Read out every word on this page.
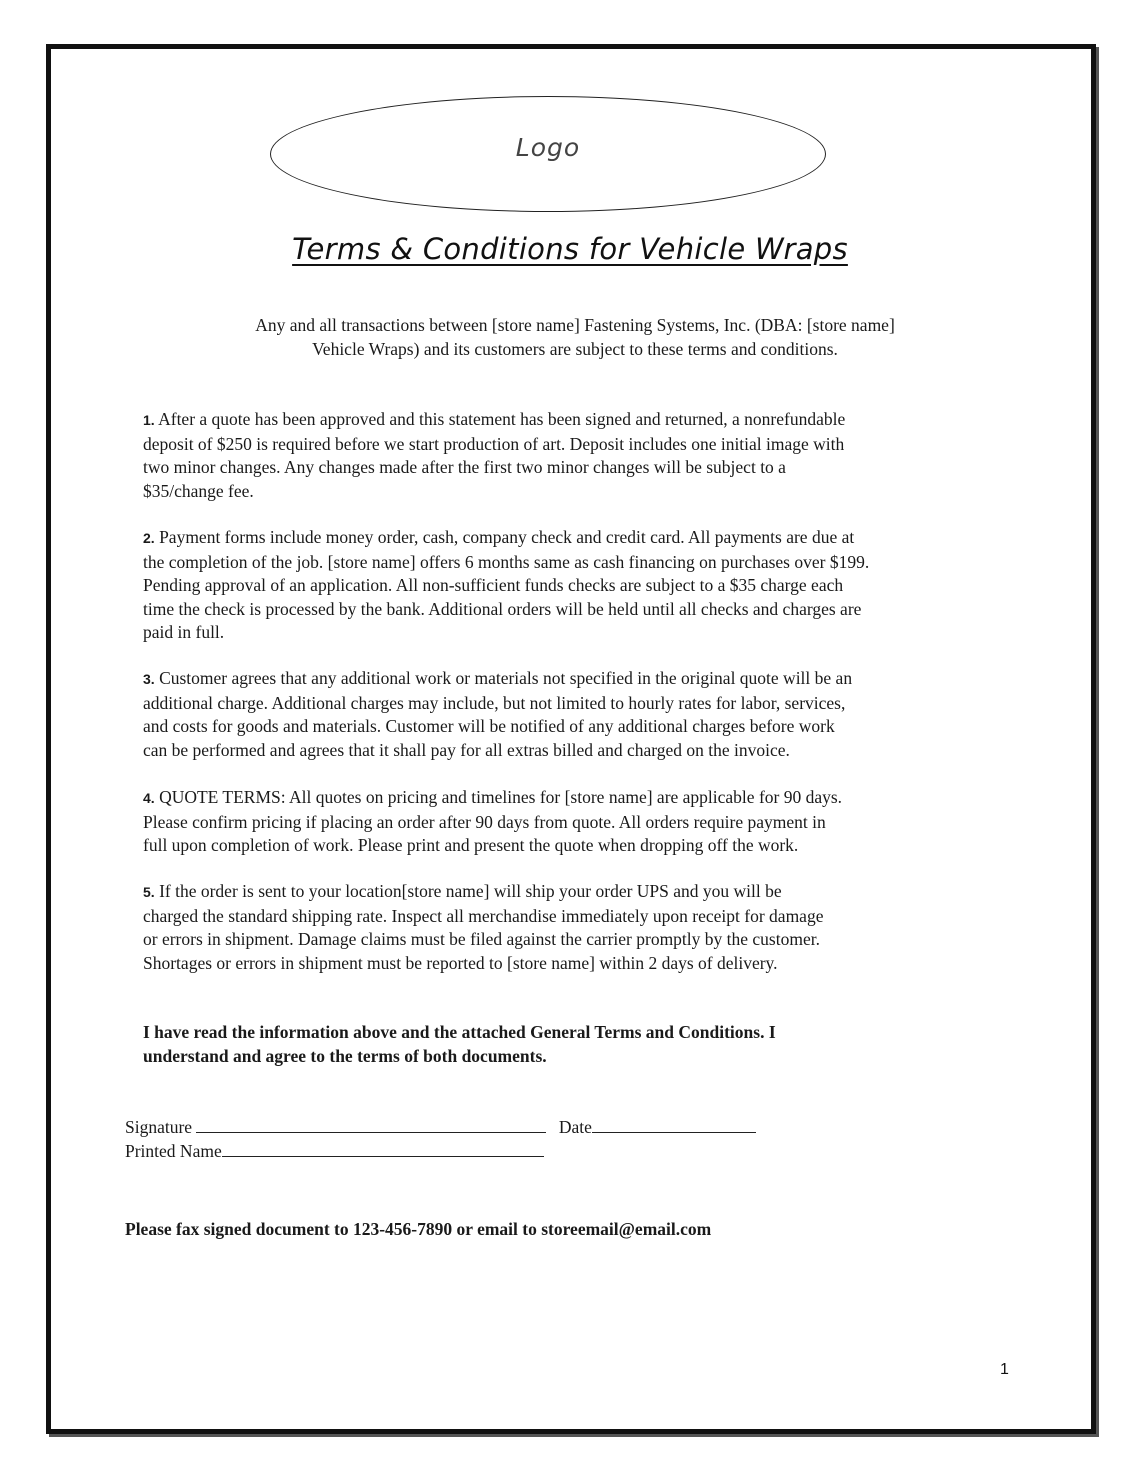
Logo
Terms & Conditions for Vehicle Wraps
Any and all transactions between [store name] Fastening Systems, Inc. (DBA: [store name]
Vehicle Wraps) and its customers are subject to these terms and conditions.
1. After a quote has been approved and this statement has been signed and returned, a nonrefundable
deposit of $250 is required before we start production of art. Deposit includes one initial image with
two minor changes. Any changes made after the first two minor changes will be subject to a
$35/change fee.
2. Payment forms include money order, cash, company check and credit card. All payments are due at
the completion of the job. [store name] offers 6 months same as cash financing on purchases over $199.
Pending approval of an application. All non-sufficient funds checks are subject to a $35 charge each
time the check is processed by the bank. Additional orders will be held until all checks and charges are
paid in full.
3. Customer agrees that any additional work or materials not specified in the original quote will be an
additional charge. Additional charges may include, but not limited to hourly rates for labor, services,
and costs for goods and materials. Customer will be notified of any additional charges before work
can be performed and agrees that it shall pay for all extras billed and charged on the invoice.
4. QUOTE TERMS: All quotes on pricing and timelines for [store name] are applicable for 90 days.
Please confirm pricing if placing an order after 90 days from quote. All orders require payment in
full upon completion of work. Please print and present the quote when dropping off the work.
5. If the order is sent to your location[store name] will ship your order UPS and you will be
charged the standard shipping rate. Inspect all merchandise immediately upon receipt for damage
or errors in shipment. Damage claims must be filed against the carrier promptly by the customer.
Shortages or errors in shipment must be reported to [store name] within 2 days of delivery.
I have read the information above and the attached General Terms and Conditions. I
understand and agree to the terms of both documents.
Signature	Date
Printed Name
Please fax signed document to 123-456-7890 or email to storeemail@email.com
1
